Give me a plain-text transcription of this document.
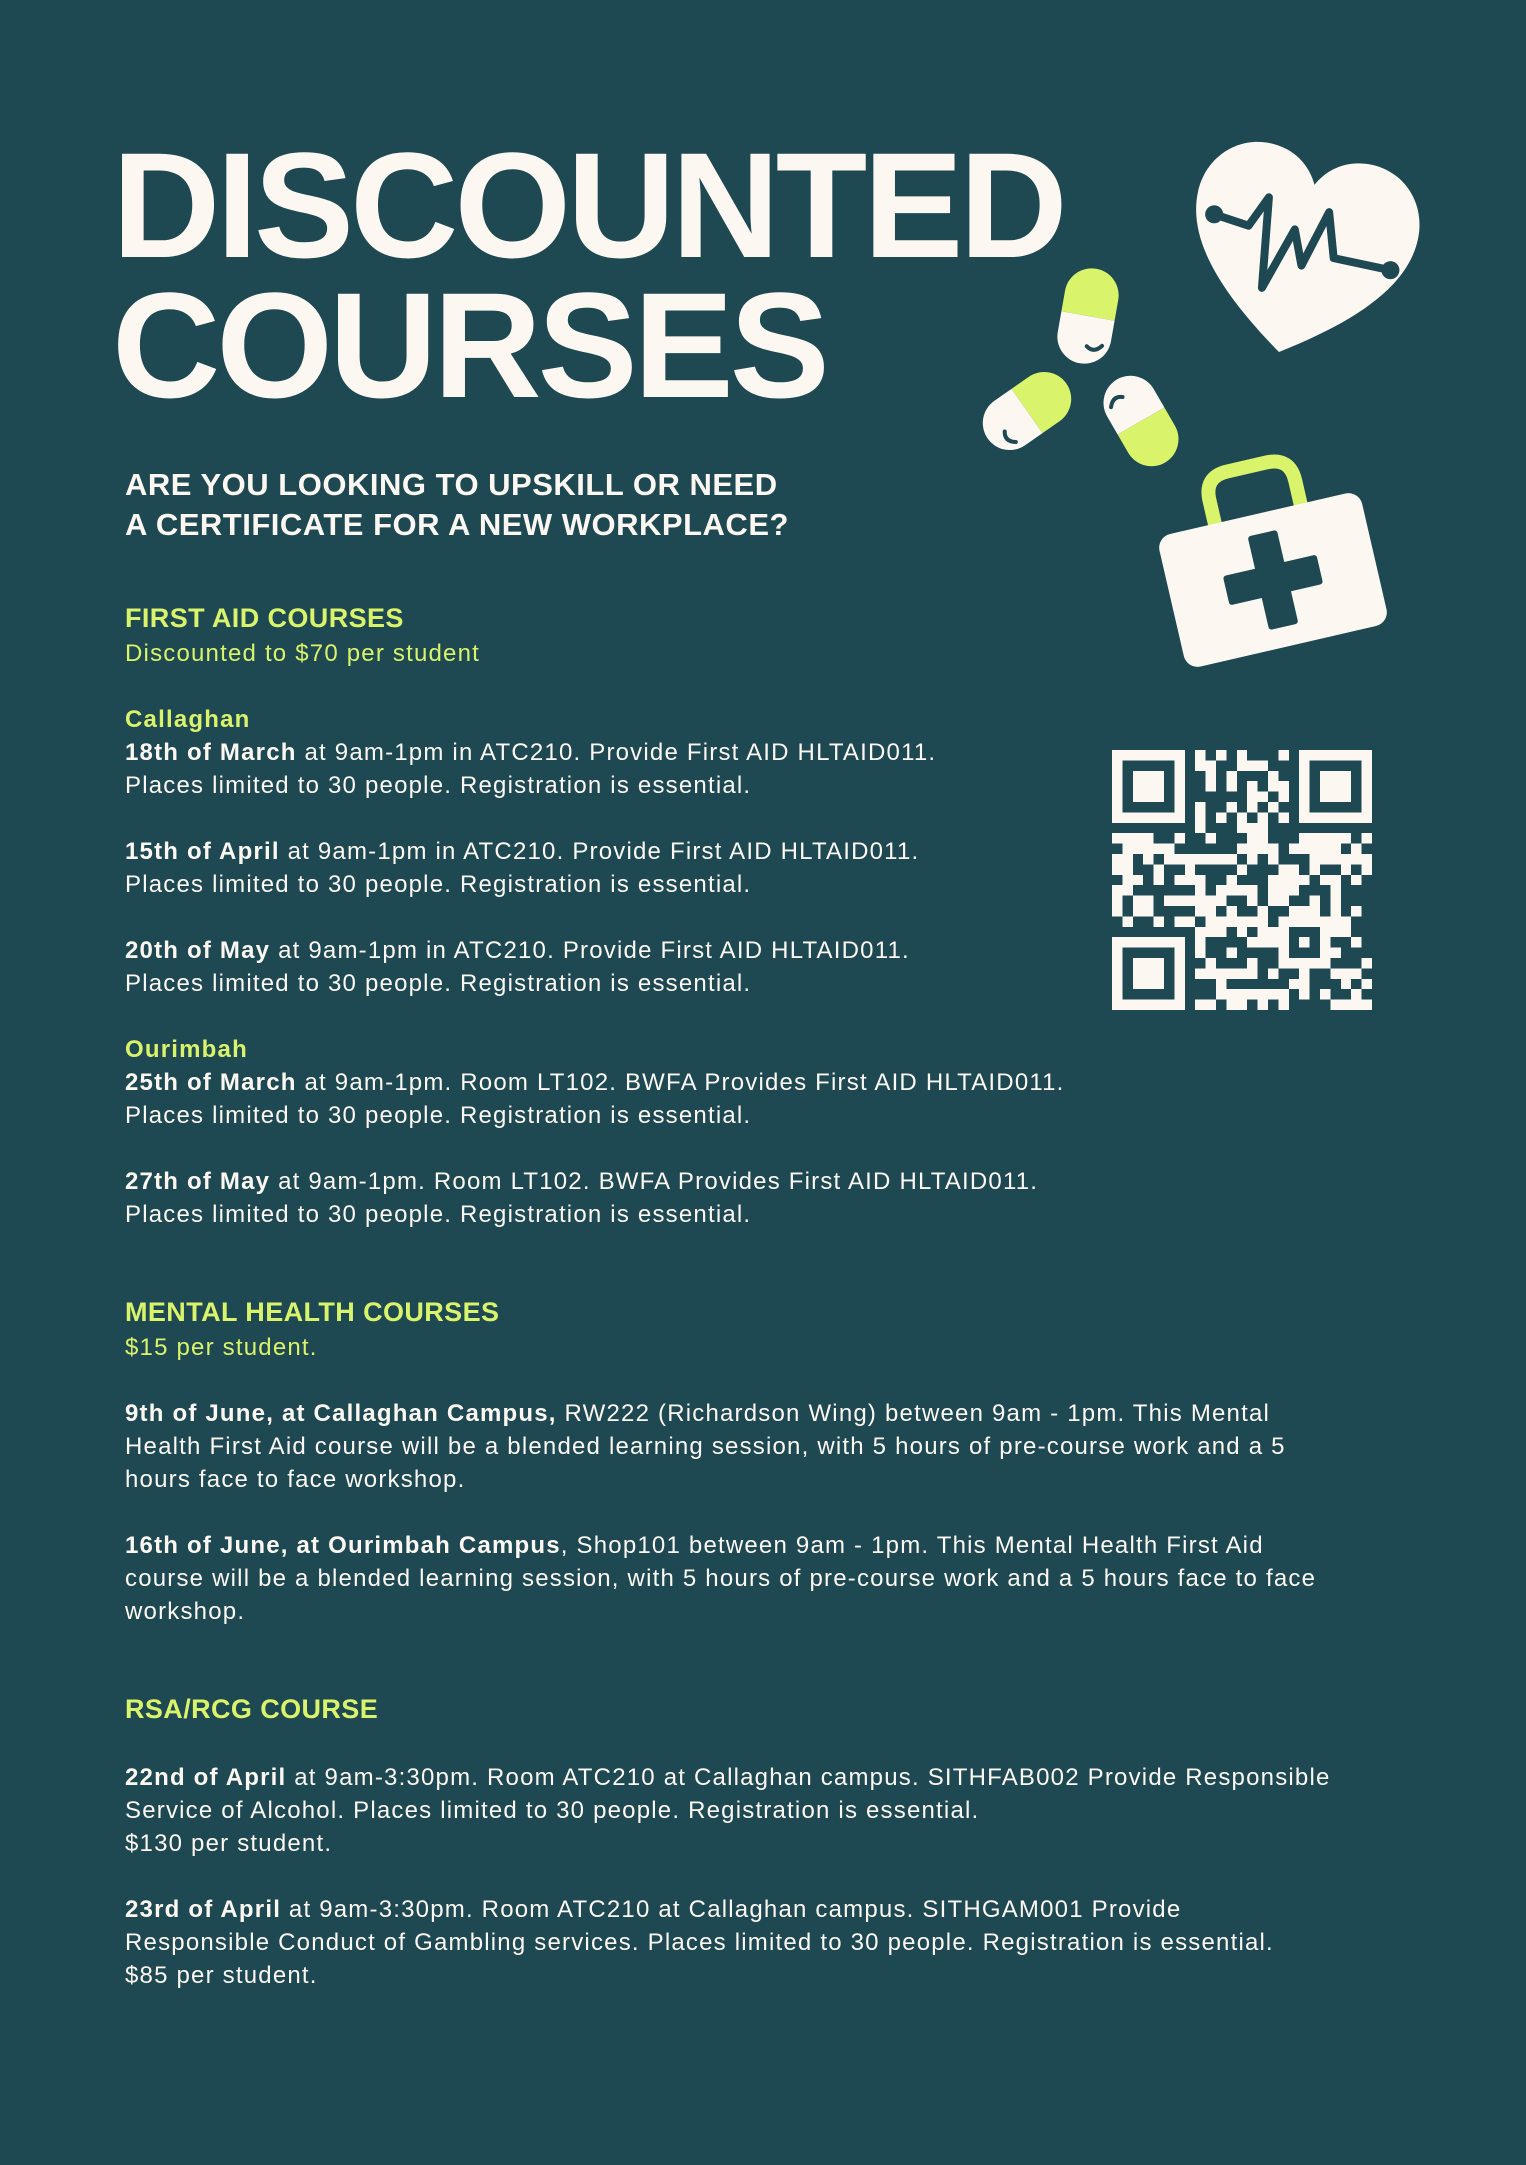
DISCOUNTED
COURSES
ARE YOU LOOKING TO UPSKILL OR NEED
A CERTIFICATE FOR A NEW WORKPLACE?
FIRST AID COURSES

Discounted to $70 per student

Callaghan

18th of March at 9am-1pm in ATC210. Provide First AID HLTAID011.
Places limited to 30 people. Registration is essential.

15th of April at 9am-1pm in ATC210. Provide First AID HLTAID011.
Places limited to 30 people. Registration is essential.

20th of May at 9am-1pm in ATC210. Provide First AID HLTAID011.
Places limited to 30 people. Registration is essential.

Ourimbah

25th of March at 9am-1pm. Room LT102. BWFA Provides First AID HLTAID011.
Places limited to 30 people. Registration is essential.

27th of May at 9am-1pm. Room LT102. BWFA Provides First AID HLTAID011.
Places limited to 30 people. Registration is essential.

MENTAL HEALTH COURSES

$15 per student.

9th of June, at Callaghan Campus, RW222 (Richardson Wing) between 9am - 1pm. This Mental
Health First Aid course will be a blended learning session, with 5 hours of pre-course work and a 5
hours face to face workshop.

16th of June, at Ourimbah Campus, Shop101 between 9am - 1pm. This Mental Health First Aid
course will be a blended learning session, with 5 hours of pre-course work and a 5 hours face to face
workshop.

RSA/RCG COURSE

22nd of April at 9am-3:30pm. Room ATC210 at Callaghan campus. SITHFAB002 Provide Responsible
Service of Alcohol. Places limited to 30 people. Registration is essential.
$130 per student.

23rd of April at 9am-3:30pm. Room ATC210 at Callaghan campus. SITHGAM001 Provide
Responsible Conduct of Gambling services. Places limited to 30 people. Registration is essential.
$85 per student.
